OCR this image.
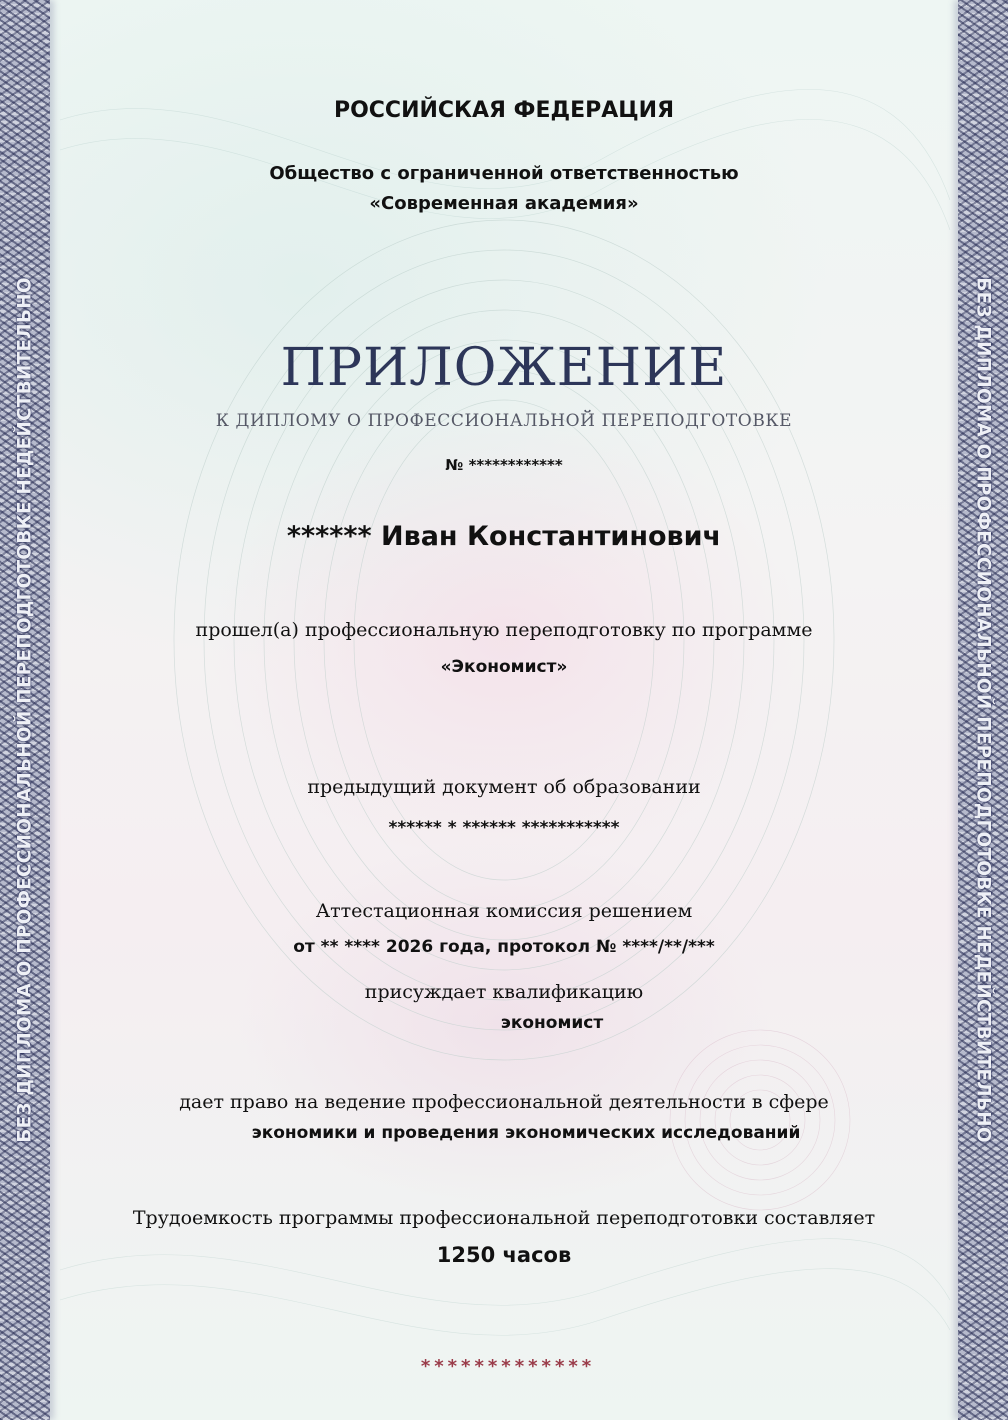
БЕЗ ДИПЛОМА О ПРОФЕССИОНАЛЬНОЙ ПЕРЕПОДГОТОВКЕ НЕДЕЙСТВИТЕЛЬНО	БЕЗ ДИПЛОМА О ПРОФЕССИОНАЛЬНОЙ ПЕРЕПОДГОТОВКЕ НЕДЕЙСТВИТЕЛЬНО
РОССИЙСКАЯ ФЕДЕРАЦИЯ
Общество с ограниченной ответственностью
«Современная академия»
ПРИЛОЖЕНИЕ
К ДИПЛОМУ О ПРОФЕССИОНАЛЬНОЙ ПЕРЕПОДГОТОВКЕ
№ ************
****** Иван Константинович
прошел(а) профессиональную переподготовку по программе
«Экономист»
предыдущий документ об образовании
****** * ****** ***********
Аттестационная комиссия решением
от ** **** 2026 года, протокол № ****/**/***
присуждает квалификацию
экономист
дает право на ведение профессиональной деятельности в сфере
экономики и проведения экономических исследований
Трудоемкость программы профессиональной переподготовки составляет
1250 часов
*************
